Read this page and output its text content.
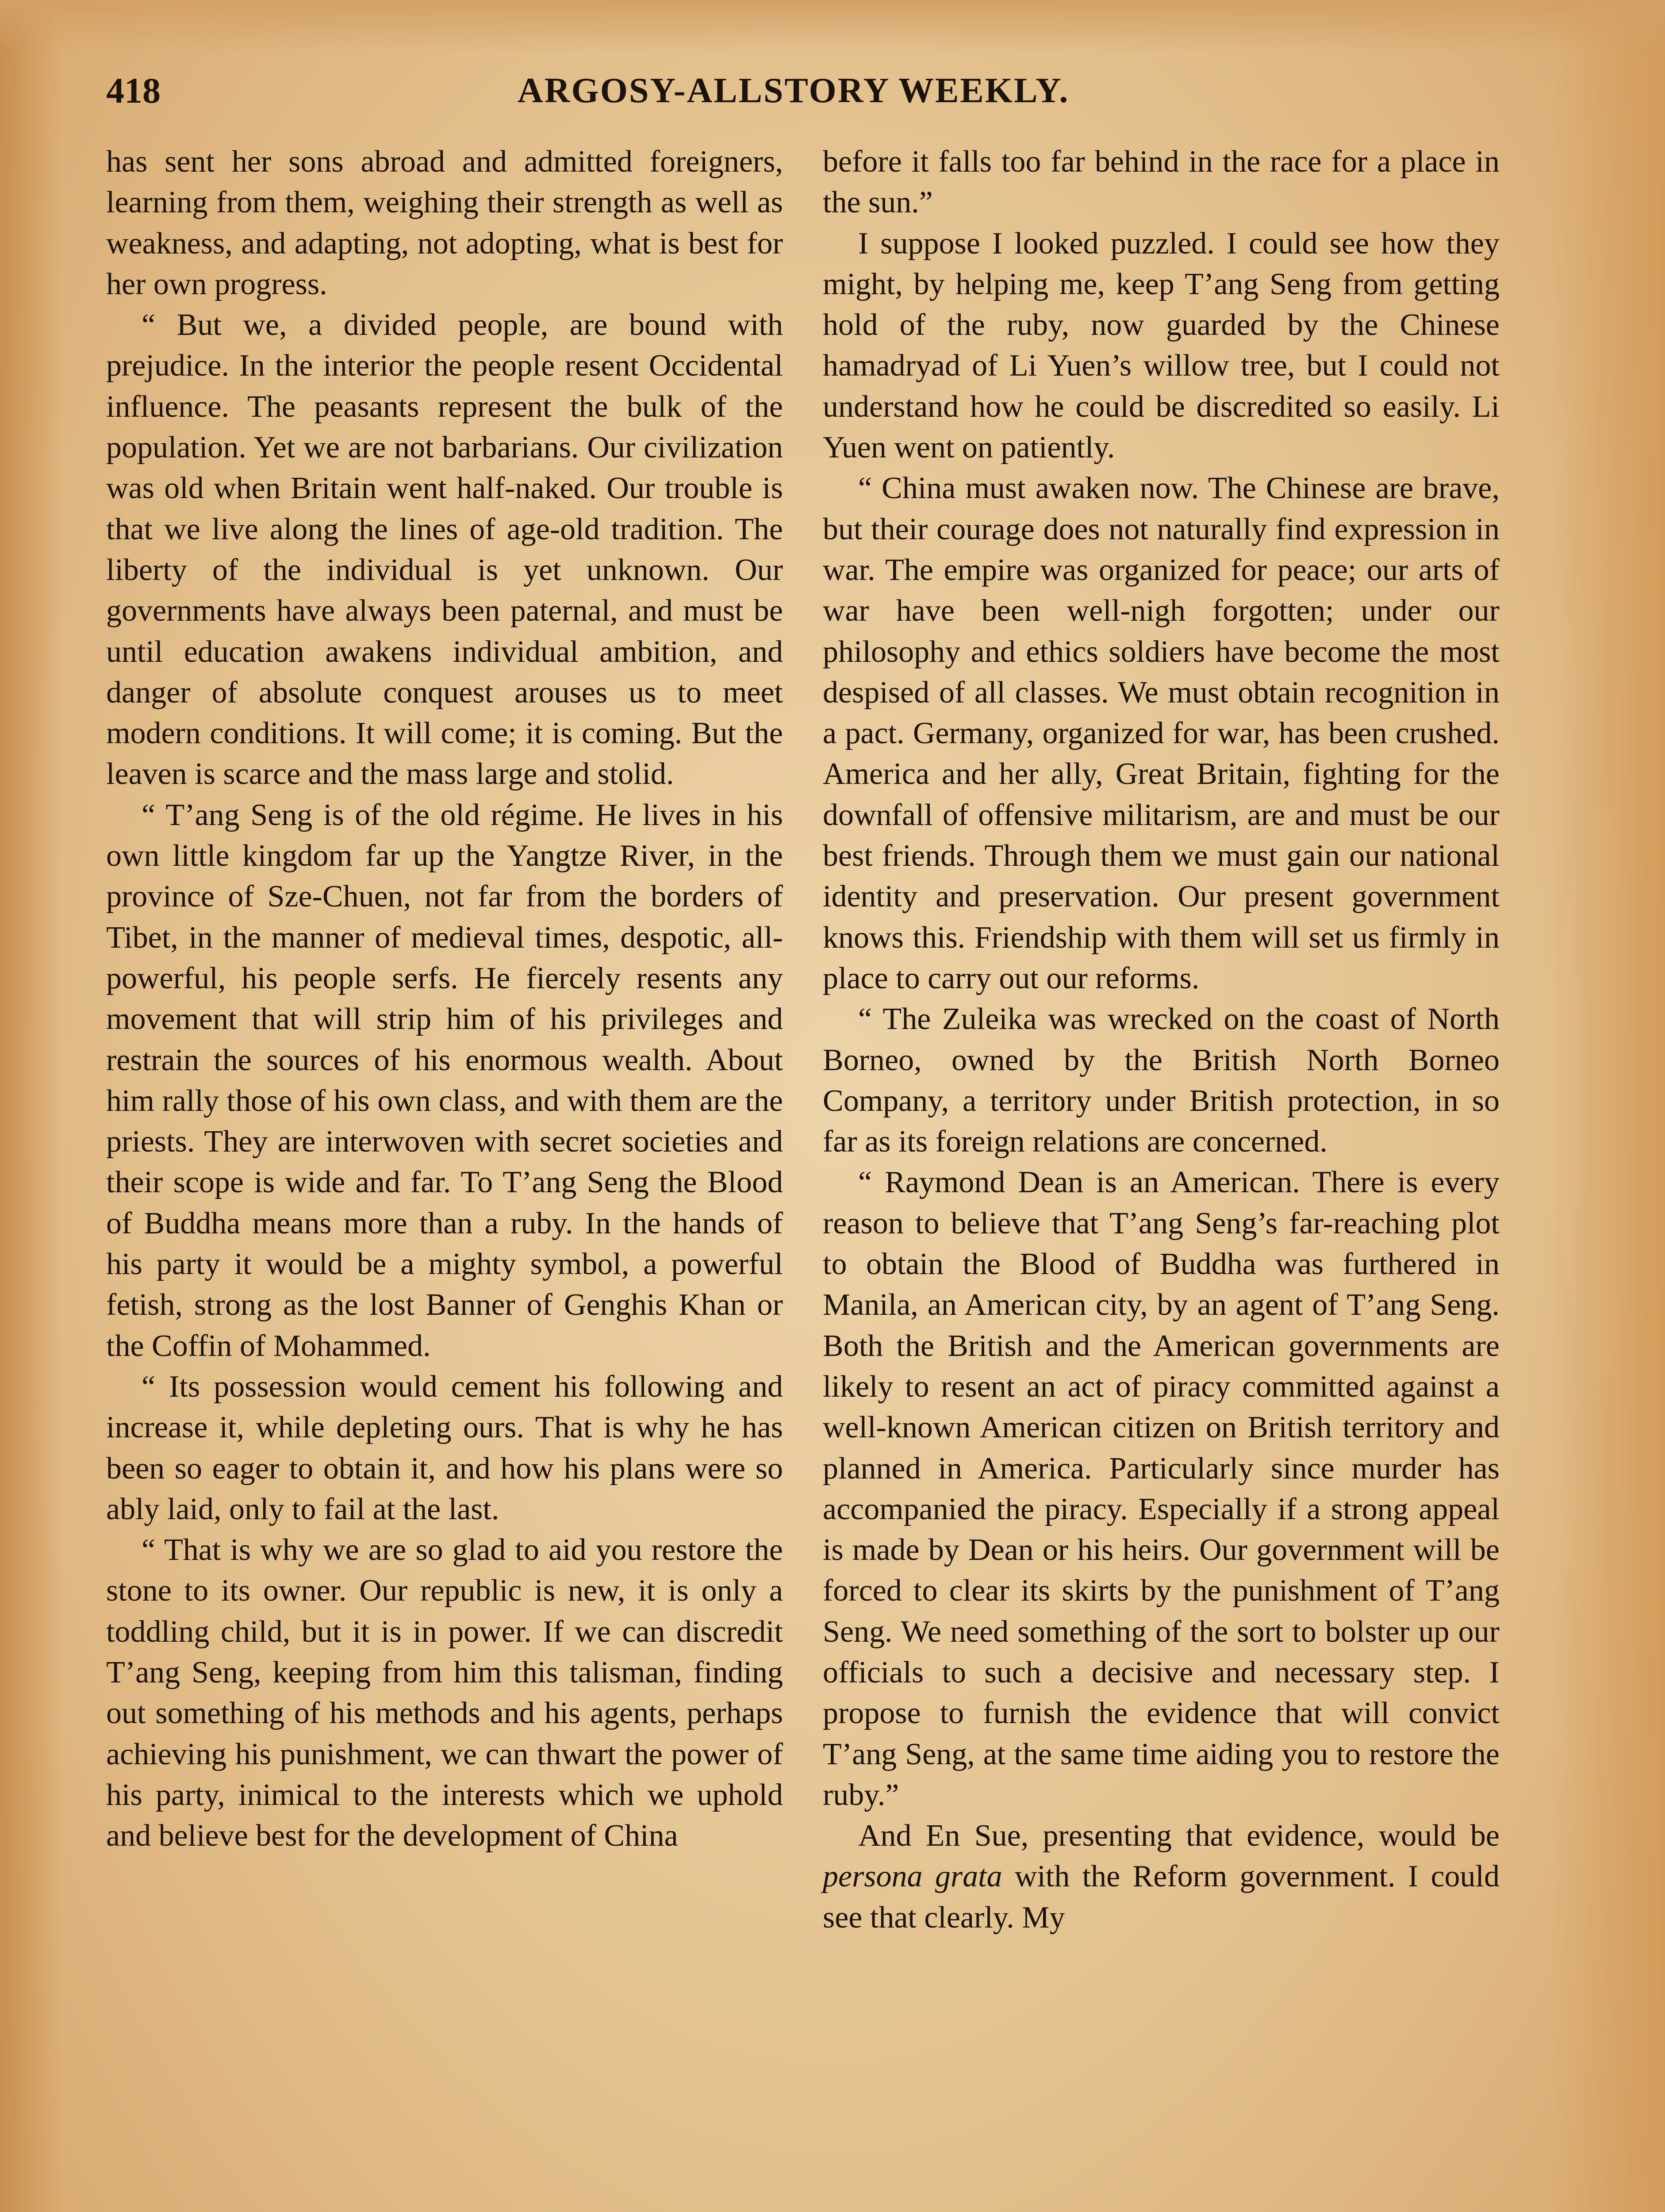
418	ARGOSY-ALLSTORY WEEKLY.

has sent her sons abroad and admitted foreigners, learning from them, weighing their strength as well as weakness, and adapting, not adopting, what is best for her own progress.

“ But we, a divided people, are bound with prejudice. In the interior the people resent Occidental influence. The peasants represent the bulk of the population. Yet we are not barbarians. Our civilization was old when Britain went half-naked. Our trouble is that we live along the lines of age-old tradition. The liberty of the individual is yet unknown. Our governments have always been paternal, and must be until education awakens individual ambition, and danger of absolute conquest arouses us to meet modern conditions. It will come; it is coming. But the leaven is scarce and the mass large and stolid.

“ T’ang Seng is of the old régime. He lives in his own little kingdom far up the Yangtze River, in the province of Sze-Chuen, not far from the borders of Tibet, in the manner of medieval times, despotic, all-powerful, his people serfs. He fiercely resents any movement that will strip him of his privileges and restrain the sources of his enormous wealth. About him rally those of his own class, and with them are the priests. They are interwoven with secret societies and their scope is wide and far. To T’ang Seng the Blood of Buddha means more than a ruby. In the hands of his party it would be a mighty symbol, a powerful fetish, strong as the lost Banner of Genghis Khan or the Coffin of Mohammed.

“ Its possession would cement his following and increase it, while depleting ours. That is why he has been so eager to obtain it, and how his plans were so ably laid, only to fail at the last.

“ That is why we are so glad to aid you restore the stone to its owner. Our republic is new, it is only a toddling child, but it is in power. If we can discredit T’ang Seng, keeping from him this talisman, finding out something of his methods and his agents, perhaps achieving his punishment, we can thwart the power of his party, inimical to the interests which we uphold and believe best for the development of China

before it falls too far behind in the race for a place in the sun.”

I suppose I looked puzzled. I could see how they might, by helping me, keep T’ang Seng from getting hold of the ruby, now guarded by the Chinese hamadryad of Li Yuen’s willow tree, but I could not understand how he could be discredited so easily. Li Yuen went on patiently.

“ China must awaken now. The Chinese are brave, but their courage does not naturally find expression in war. The empire was organized for peace; our arts of war have been well-nigh forgotten; under our philosophy and ethics soldiers have become the most despised of all classes. We must obtain recognition in a pact. Germany, organized for war, has been crushed. America and her ally, Great Britain, fighting for the downfall of offensive militarism, are and must be our best friends. Through them we must gain our national identity and preservation. Our present government knows this. Friendship with them will set us firmly in place to carry out our reforms.

“ The Zuleika was wrecked on the coast of North Borneo, owned by the British North Borneo Company, a territory under British protection, in so far as its foreign relations are concerned.

“ Raymond Dean is an American. There is every reason to believe that T’ang Seng’s far-reaching plot to obtain the Blood of Buddha was furthered in Manila, an American city, by an agent of T’ang Seng. Both the British and the American governments are likely to resent an act of piracy committed against a well-known American citizen on British territory and planned in America. Particularly since murder has accompanied the piracy. Especially if a strong appeal is made by Dean or his heirs. Our government will be forced to clear its skirts by the punishment of T’ang Seng. We need something of the sort to bolster up our officials to such a decisive and necessary step. I propose to furnish the evidence that will convict T’ang Seng, at the same time aiding you to restore the ruby.”

And En Sue, presenting that evidence, would be persona grata with the Reform government. I could see that clearly. My
